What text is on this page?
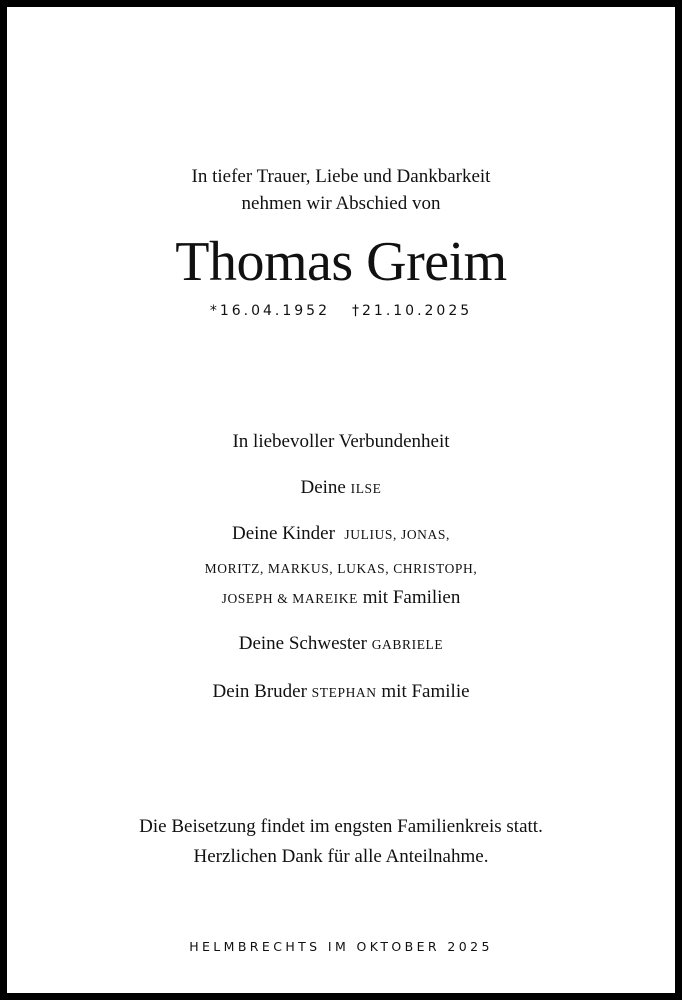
In tiefer Trauer, Liebe und Dankbarkeit
nehmen wir Abschied von
Thomas Greim
*16.04.1952 †21.10.2025
In liebevoller Verbundenheit
Deine ILSE
Deine Kinder JULIUS, JONAS,
MORITZ, MARKUS, LUKAS, CHRISTOPH,
JOSEPH & MAREIKE mit Familien
Deine Schwester GABRIELE
Dein Bruder STEPHAN mit Familie
Die Beisetzung findet im engsten Familienkreis statt.
Herzlichen Dank für alle Anteilnahme.
HELMBRECHTS IM OKTOBER 2025
